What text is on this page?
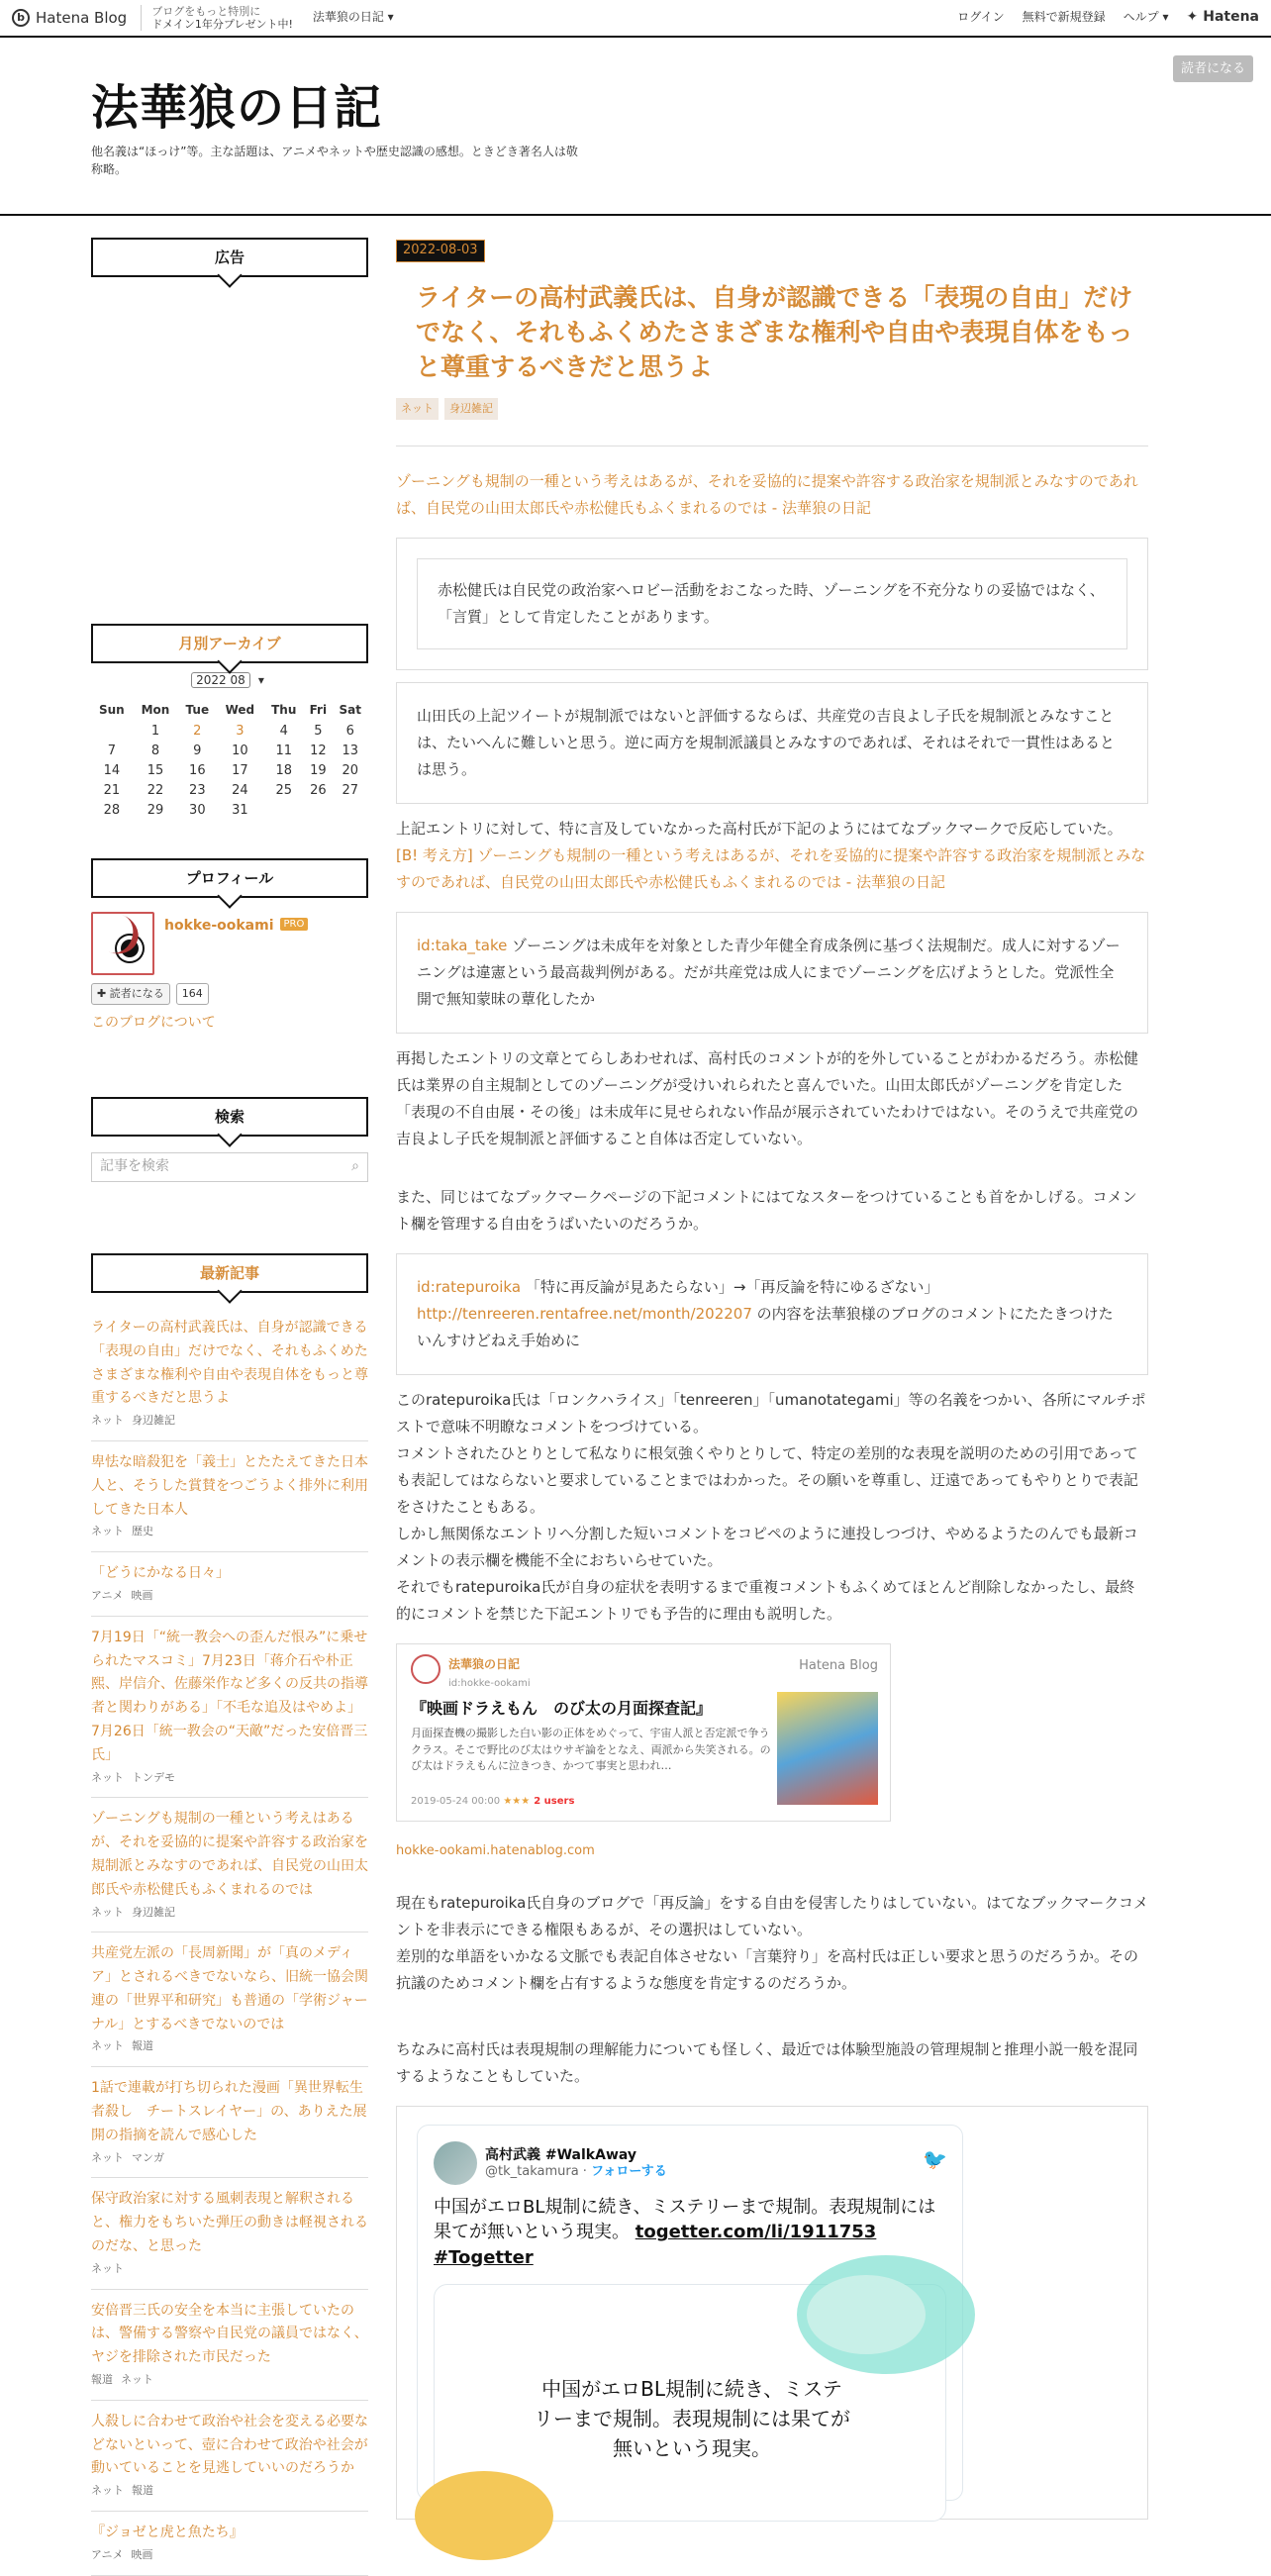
b Hatena Blog	ブログをもっと特別に
ドメイン1年分プレゼント中!
法華狼の日記 ▾	ログイン 無料で新規登録 ヘルプ ▾ ✦ Hatena
法華狼の日記
他名義は“ほっけ”等。主な話題は、アニメやネットや歴史認識の感想。ときどき著名人は敬称略。
読者になる
広告
月別アーカイブ
2022 08 ▾
Sun	Mon	Tue	Wed	Thu	Fri	Sat
	1	2	3	4	5	6
7	8	9	10	11	12	13
14	15	16	17	18	19	20
21	22	23	24	25	26	27
28	29	30	31			
プロフィール
hokke-ookami PRO
✚ 読者になる	164
このブログについて
検索
記事を検索	⌕
最新記事
ライターの高村武義氏は、自身が認識できる「表現の自由」だけでなく、それもふくめたさまざまな権利や自由や表現自体をもっと尊重するべきだと思うよ
ネット 身辺雑記
卑怯な暗殺犯を「義士」とたたえてきた日本人と、そうした賞賛をつごうよく排外に利用してきた日本人
ネット 歴史
「どうにかなる日々」
アニメ 映画
7月19日「“統一教会への歪んだ恨み”に乗せられたマスコミ」7月23日「蒋介石や朴正熙、岸信介、佐藤栄作など多くの反共の指導者と関わりがある」「不毛な追及はやめよ」7月26日「統一教会の“天敵”だった安倍晋三氏」
ネット トンデモ
ゾーニングも規制の一種という考えはあるが、それを妥協的に提案や許容する政治家を規制派とみなすのであれば、自民党の山田太郎氏や赤松健氏もふくまれるのでは
ネット 身辺雑記
共産党左派の「長周新聞」が「真のメディア」とされるべきでないなら、旧統一協会関連の「世界平和研究」も普通の「学術ジャーナル」とするべきでないのでは
ネット 報道
1話で連載が打ち切られた漫画「異世界転生者殺し　チートスレイヤー」の、ありえた展開の指摘を読んで感心した
ネット マンガ
保守政治家に対する風刺表現と解釈されると、権力をもちいた弾圧の動きは軽視されるのだな、と思った
ネット
安倍晋三氏の安全を本当に主張していたのは、警備する警察や自民党の議員ではなく、ヤジを排除された市民だった
報道 ネット
人殺しに合わせて政治や社会を変える必要などないといって、壺に合わせて政治や社会が動いていることを見逃していいのだろうか
ネット 報道
『ジョゼと虎と魚たち』
アニメ 映画
2022-08-03
ライターの高村武義氏は、自身が認識できる「表現の自由」だけでなく、それもふくめたさまざまな権利や自由や表現自体をもっと尊重するべきだと思うよ
ネット	身辺雑記

ゾーニングも規制の一種という考えはあるが、それを妥協的に提案や許容する政治家を規制派とみなすのであれば、自民党の山田太郎氏や赤松健氏もふくまれるのでは - 法華狼の日記

赤松健氏は自民党の政治家へロビー活動をおこなった時、ゾーニングを不充分なりの妥協ではなく、「言質」として肯定したことがあります。
山田氏の上記ツイートが規制派ではないと評価するならば、共産党の吉良よし子氏を規制派とみなすことは、たいへんに難しいと思う。逆に両方を規制派議員とみなすのであれば、それはそれで一貫性はあるとは思う。

上記エントリに対して、特に言及していなかった高村氏が下記のようにはてなブックマークで反応していた。

[B! 考え方] ゾーニングも規制の一種という考えはあるが、それを妥協的に提案や許容する政治家を規制派とみなすのであれば、自民党の山田太郎氏や赤松健氏もふくまれるのでは - 法華狼の日記

id:taka_take ゾーニングは未成年を対象とした青少年健全育成条例に基づく法規制だ。成人に対するゾーニングは違憲という最高裁判例がある。だが共産党は成人にまでゾーニングを広げようとした。党派性全開で無知蒙昧の蕈化したか

再掲したエントリの文章とてらしあわせれば、高村氏のコメントが的を外していることがわかるだろう。赤松健氏は業界の自主規制としてのゾーニングが受けいれられたと喜んでいた。山田太郎氏がゾーニングを肯定した「表現の不自由展・その後」は未成年に見せられない作品が展示されていたわけではない。そのうえで共産党の吉良よし子氏を規制派と評価すること自体は否定していない。

また、同じはてなブックマークページの下記コメントにはてなスターをつけていることも首をかしげる。コメント欄を管理する自由をうばいたいのだろうか。

id:ratepuroika 「特に再反論が見あたらない」→「再反論を特にゆるざない」
http://tenreeren.rentafree.net/month/202207 の内容を法華狼様のブログのコメントにたたきつけたいんすけどねえ手始めに

このratepuroika氏は「ロンクハライス」「tenreeren」「umanotategami」等の名義をつかい、各所にマルチポストで意味不明瞭なコメントをつづけている。

コメントされたひとりとして私なりに根気強くやりとりして、特定の差別的な表現を説明のための引用であっても表記してはならないと要求していることまではわかった。その願いを尊重し、迂遠であってもやりとりで表記をさけたこともある。

しかし無関係なエントリへ分割した短いコメントをコピペのように連投しつづけ、やめるようたのんでも最新コメントの表示欄を機能不全におちいらせていた。

それでもratepuroika氏が自身の症状を表明するまで重複コメントもふくめてほとんど削除しなかったし、最終的にコメントを禁じた下記エントリでも予告的に理由も説明した。

法華狼の日記
id:hokke-ookami
Hatena Blog
『映画ドラえもん　のび太の月面探査記』
月面探査機の撮影した白い影の正体をめぐって、宇宙人派と否定派で争うクラス。そこで野比のび太はウサギ論をとなえ、両派から失笑される。のび太はドラえもんに泣きつき、かつて事実と思われ…
2019-05-24 00:00 ★★★ 2 users
hokke-ookami.hatenablog.com

現在もratepuroika氏自身のブログで「再反論」をする自由を侵害したりはしていない。はてなブックマークコメントを非表示にできる権限もあるが、その選択はしていない。

差別的な単語をいかなる文脈でも表記自体させない「言葉狩り」を高村氏は正しい要求と思うのだろうか。その抗議のためコメント欄を占有するような態度を肯定するのだろうか。

ちなみに高村氏は表現規制の理解能力についても怪しく、最近では体験型施設の管理規制と推理小説一般を混同するようなこともしていた。

高村武義 #WalkAway
@tk_takamura · フォローする
🐦
中国がエロBL規制に続き、ミステリーまで規制。表現規制には果てが無いという現実。 togetter.com/li/1911753
#Togetter
中国がエロBL規制に続き、ミステリーまで規制。表現規制には果てが無いという現実。
